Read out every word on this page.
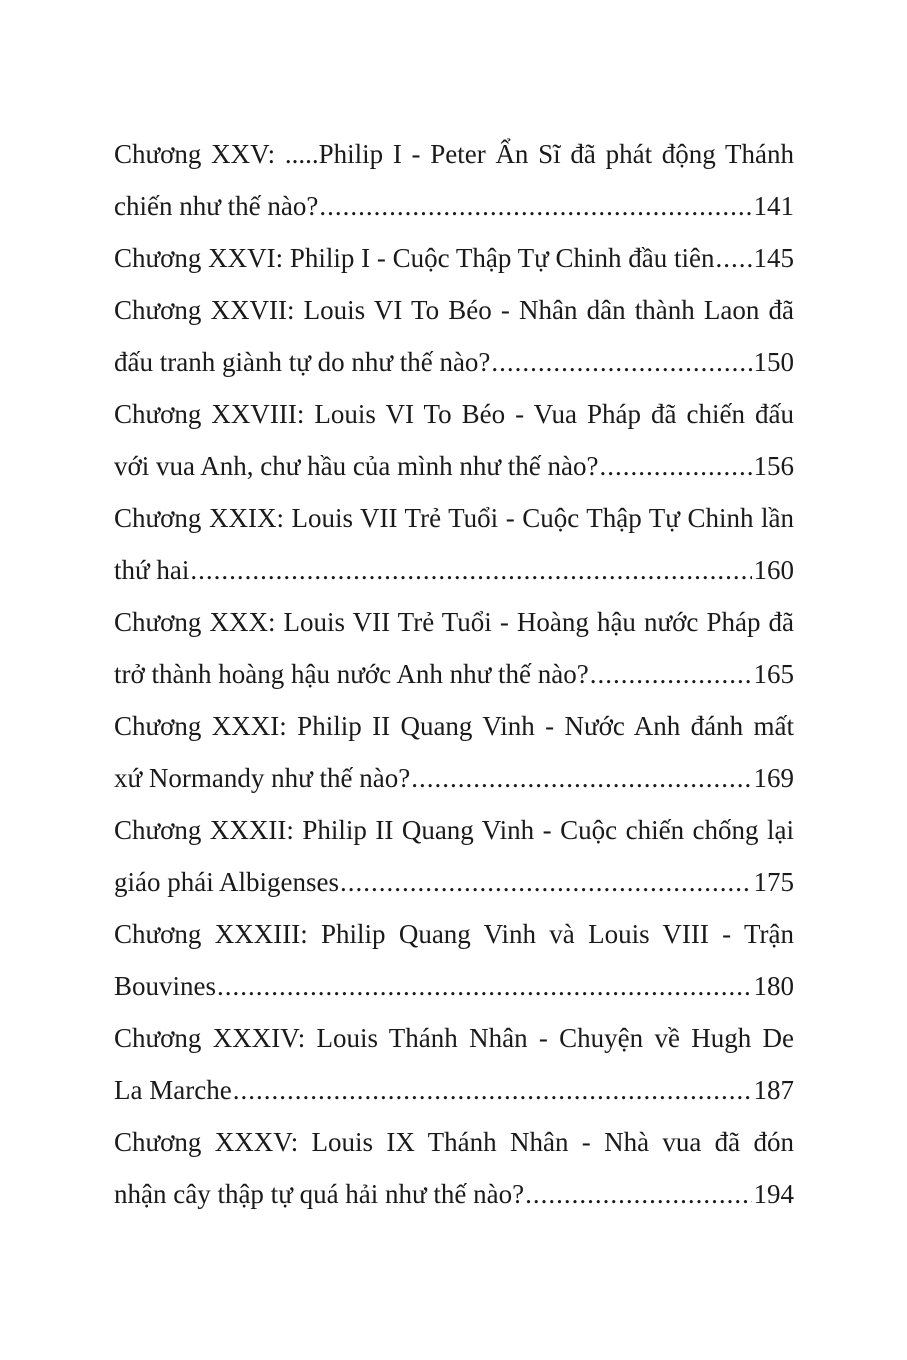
Chương XXV: .....Philip I - Peter Ẩn Sĩ đã phát động Thánh
chiến như thế nào? .....	141
Chương XXVI: Philip I - Cuộc Thập Tự Chinh đầu tiên ..... 145
Chương XXVII: Louis VI To Béo - Nhân dân thành Laon đã
đấu tranh giành tự do như thế nào? .....	150
Chương XXVIII: Louis VI To Béo - Vua Pháp đã chiến đấu
với vua Anh, chư hầu của mình như thế nào? .....	156
Chương XXIX: Louis VII Trẻ Tuổi - Cuộc Thập Tự Chinh lần
thứ hai .....	160
Chương XXX: Louis VII Trẻ Tuổi - Hoàng hậu nước Pháp đã
trở thành hoàng hậu nước Anh như thế nào? .....	165
Chương XXXI: Philip II Quang Vinh - Nước Anh đánh mất
xứ Normandy như thế nào? .....	169
Chương XXXII: Philip II Quang Vinh - Cuộc chiến chống lại
giáo phái Albigenses .....	175
Chương XXXIII: Philip Quang Vinh và Louis VIII - Trận
Bouvines .....	180
Chương XXXIV: Louis Thánh Nhân - Chuyện về Hugh De
La Marche .....	187
Chương XXXV: Louis IX Thánh Nhân - Nhà vua đã đón
nhận cây thập tự quá hải như thế nào? .....	194
